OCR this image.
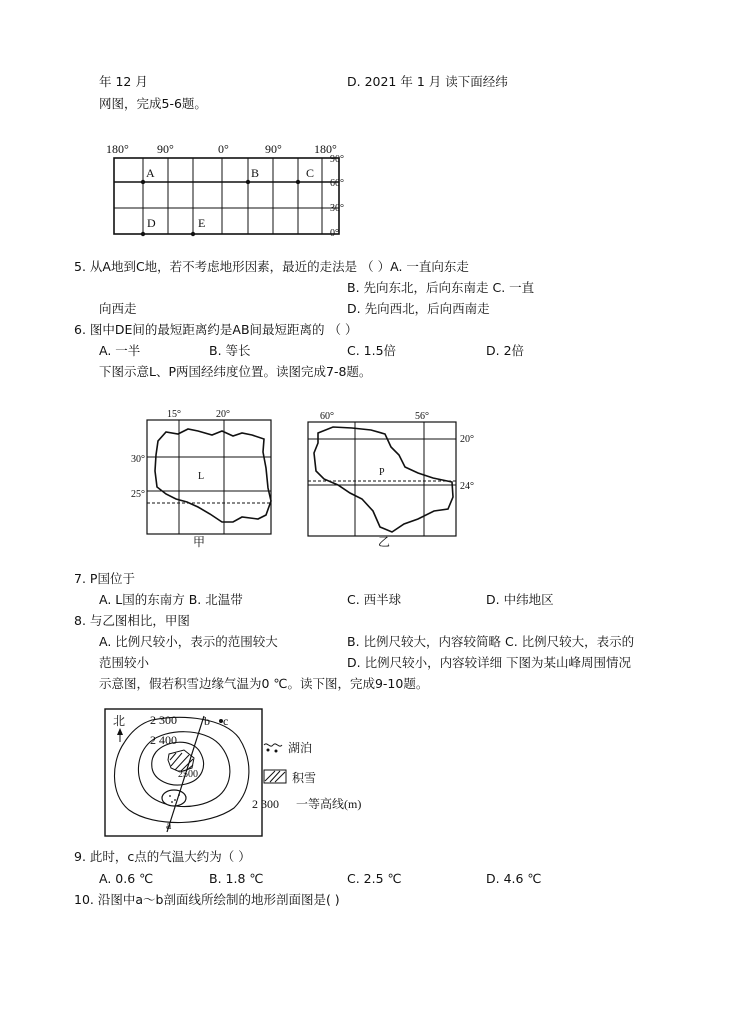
年 12 月	D. 2021 年 1 月 读下面经纬
网图，完成5-6题。
180° 90°	0°	90°	180°
A	B	C
D	E
90°
60°
30°
0°
5. 从A地到C地，若不考虑地形因素，最近的走法是 （ ）A. 一直向东走
B. 先向东北，后向东南走 C. 一直
向西走	D. 先向西北，后向西南走
6. 图中DE间的最短距离约是AB间最短距离的 （ ）
A. 一半	B. 等长	C. 1.5倍	D. 2倍
下图示意L、P两国经纬度位置。读图完成7-8题。
15°	20°
L
30°
25°
甲
60°	56°
P
20°
24°
乙
7. P国位于
A. L国的东南方 B. 北温带	C. 西半球	D. 中纬地区
8. 与乙图相比，甲图
A. 比例尺较小，表示的范围较大	B. 比例尺较大，内容较简略 C. 比例尺较大，表示的
范围较小	D. 比例尺较小，内容较详细 下图为某山峰周围情况
示意图，假若积雪边缘气温为0 ℃。读下图，完成9-10题。
北 2 300
2 400
2500
b c
a
湖泊
积雪
2 300 一等高线(m)
9. 此时，c点的气温大约为（ ）
A. 0.6 ℃	B. 1.8 ℃	C. 2.5 ℃	D. 4.6 ℃
10. 沿图中a～b剖面线所绘制的地形剖面图是( )
